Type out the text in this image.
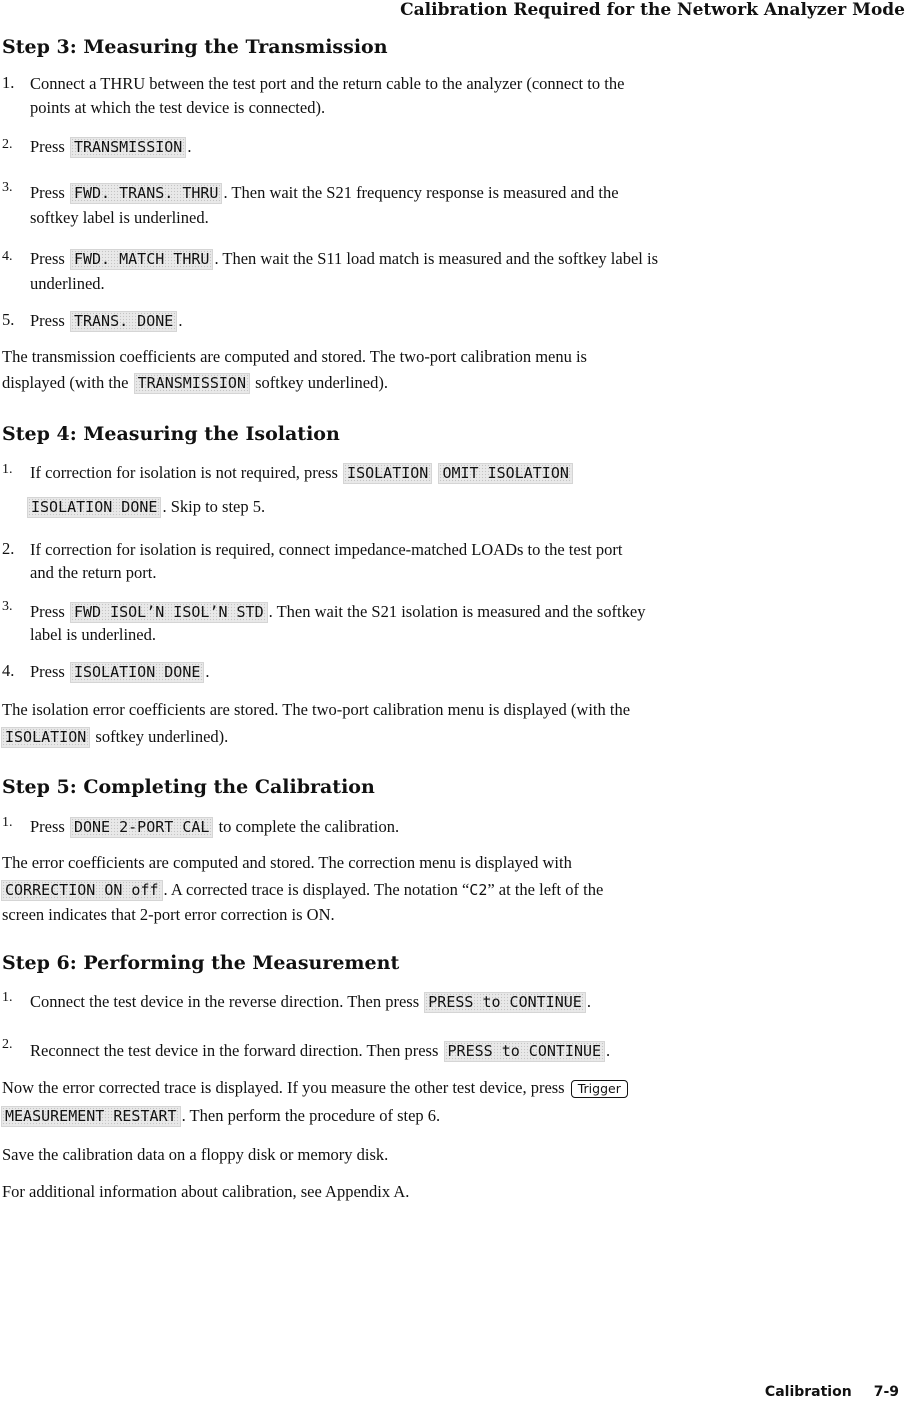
Calibration Required for the Network Analyzer Mode
Step 3: Measuring the Transmission
1. Connect a THRU between the test port and the return cable to the analyzer (connect to the
points at which the test device is connected).
2. Press TRANSMISSION .
3. Press FWD. TRANS. THRU . Then wait the S21 frequency response is measured and the
softkey label is underlined.
4. Press FWD. MATCH THRU . Then wait the S11 load match is measured and the softkey label is
underlined.
5. Press TRANS. DONE .
The transmission coefficients are computed and stored. The two-port calibration menu is
displayed (with the TRANSMISSION softkey underlined).
Step 4: Measuring the Isolation
1. If correction for isolation is not required, press ISOLATION OMIT ISOLATION
ISOLATION DONE . Skip to step 5.
2. If correction for isolation is required, connect impedance-matched LOADs to the test port
and the return port.
3. Press FWD ISOL’N ISOL’N STD . Then wait the S21 isolation is measured and the softkey
label is underlined.
4. Press ISOLATION DONE .
The isolation error coefficients are stored. The two-port calibration menu is displayed (with the
ISOLATION softkey underlined).
Step 5: Completing the Calibration
1. Press DONE 2-PORT CAL to complete the calibration.
The error coefficients are computed and stored. The correction menu is displayed with
CORRECTION ON off . A corrected trace is displayed. The notation “C2” at the left of the
screen indicates that 2-port error correction is ON.
Step 6: Performing the Measurement
1. Connect the test device in the reverse direction. Then press PRESS to CONTINUE .
2. Reconnect the test device in the forward direction. Then press PRESS to CONTINUE .
Now the error corrected trace is displayed. If you measure the other test device, press Trigger
MEASUREMENT RESTART . Then perform the procedure of step 6.
Save the calibration data on a floppy disk or memory disk.
For additional information about calibration, see Appendix A.
Calibration 7-9
